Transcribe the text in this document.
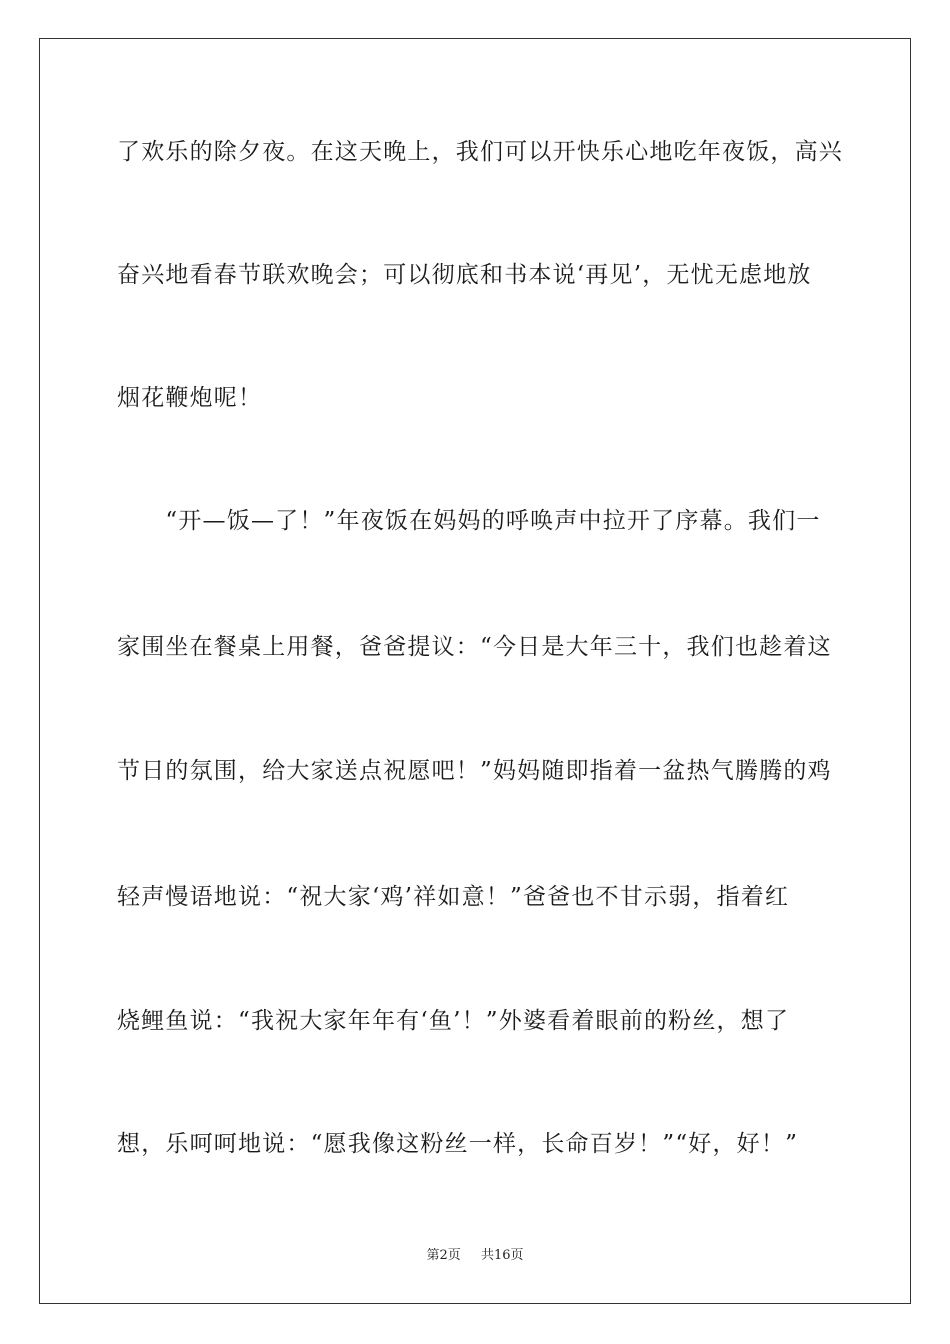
了欢乐的除夕夜。在这天晚上，我们可以开快乐心地吃年夜饭，高兴
奋兴地看春节联欢晚会；可以彻底和书本说‘再见’，无忧无虑地放
烟花鞭炮呢！
　　“开—饭—了！”年夜饭在妈妈的呼唤声中拉开了序幕。我们一
家围坐在餐桌上用餐，爸爸提议：“今日是大年三十，我们也趁着这
节日的氛围，给大家送点祝愿吧！”妈妈随即指着一盆热气腾腾的鸡
轻声慢语地说：“祝大家‘鸡’祥如意！”爸爸也不甘示弱，指着红
烧鲤鱼说：“我祝大家年年有‘鱼’！”外婆看着眼前的粉丝，想了
想，乐呵呵地说：“愿我像这粉丝一样，长命百岁！”“好，好！”
第2页 共16页
